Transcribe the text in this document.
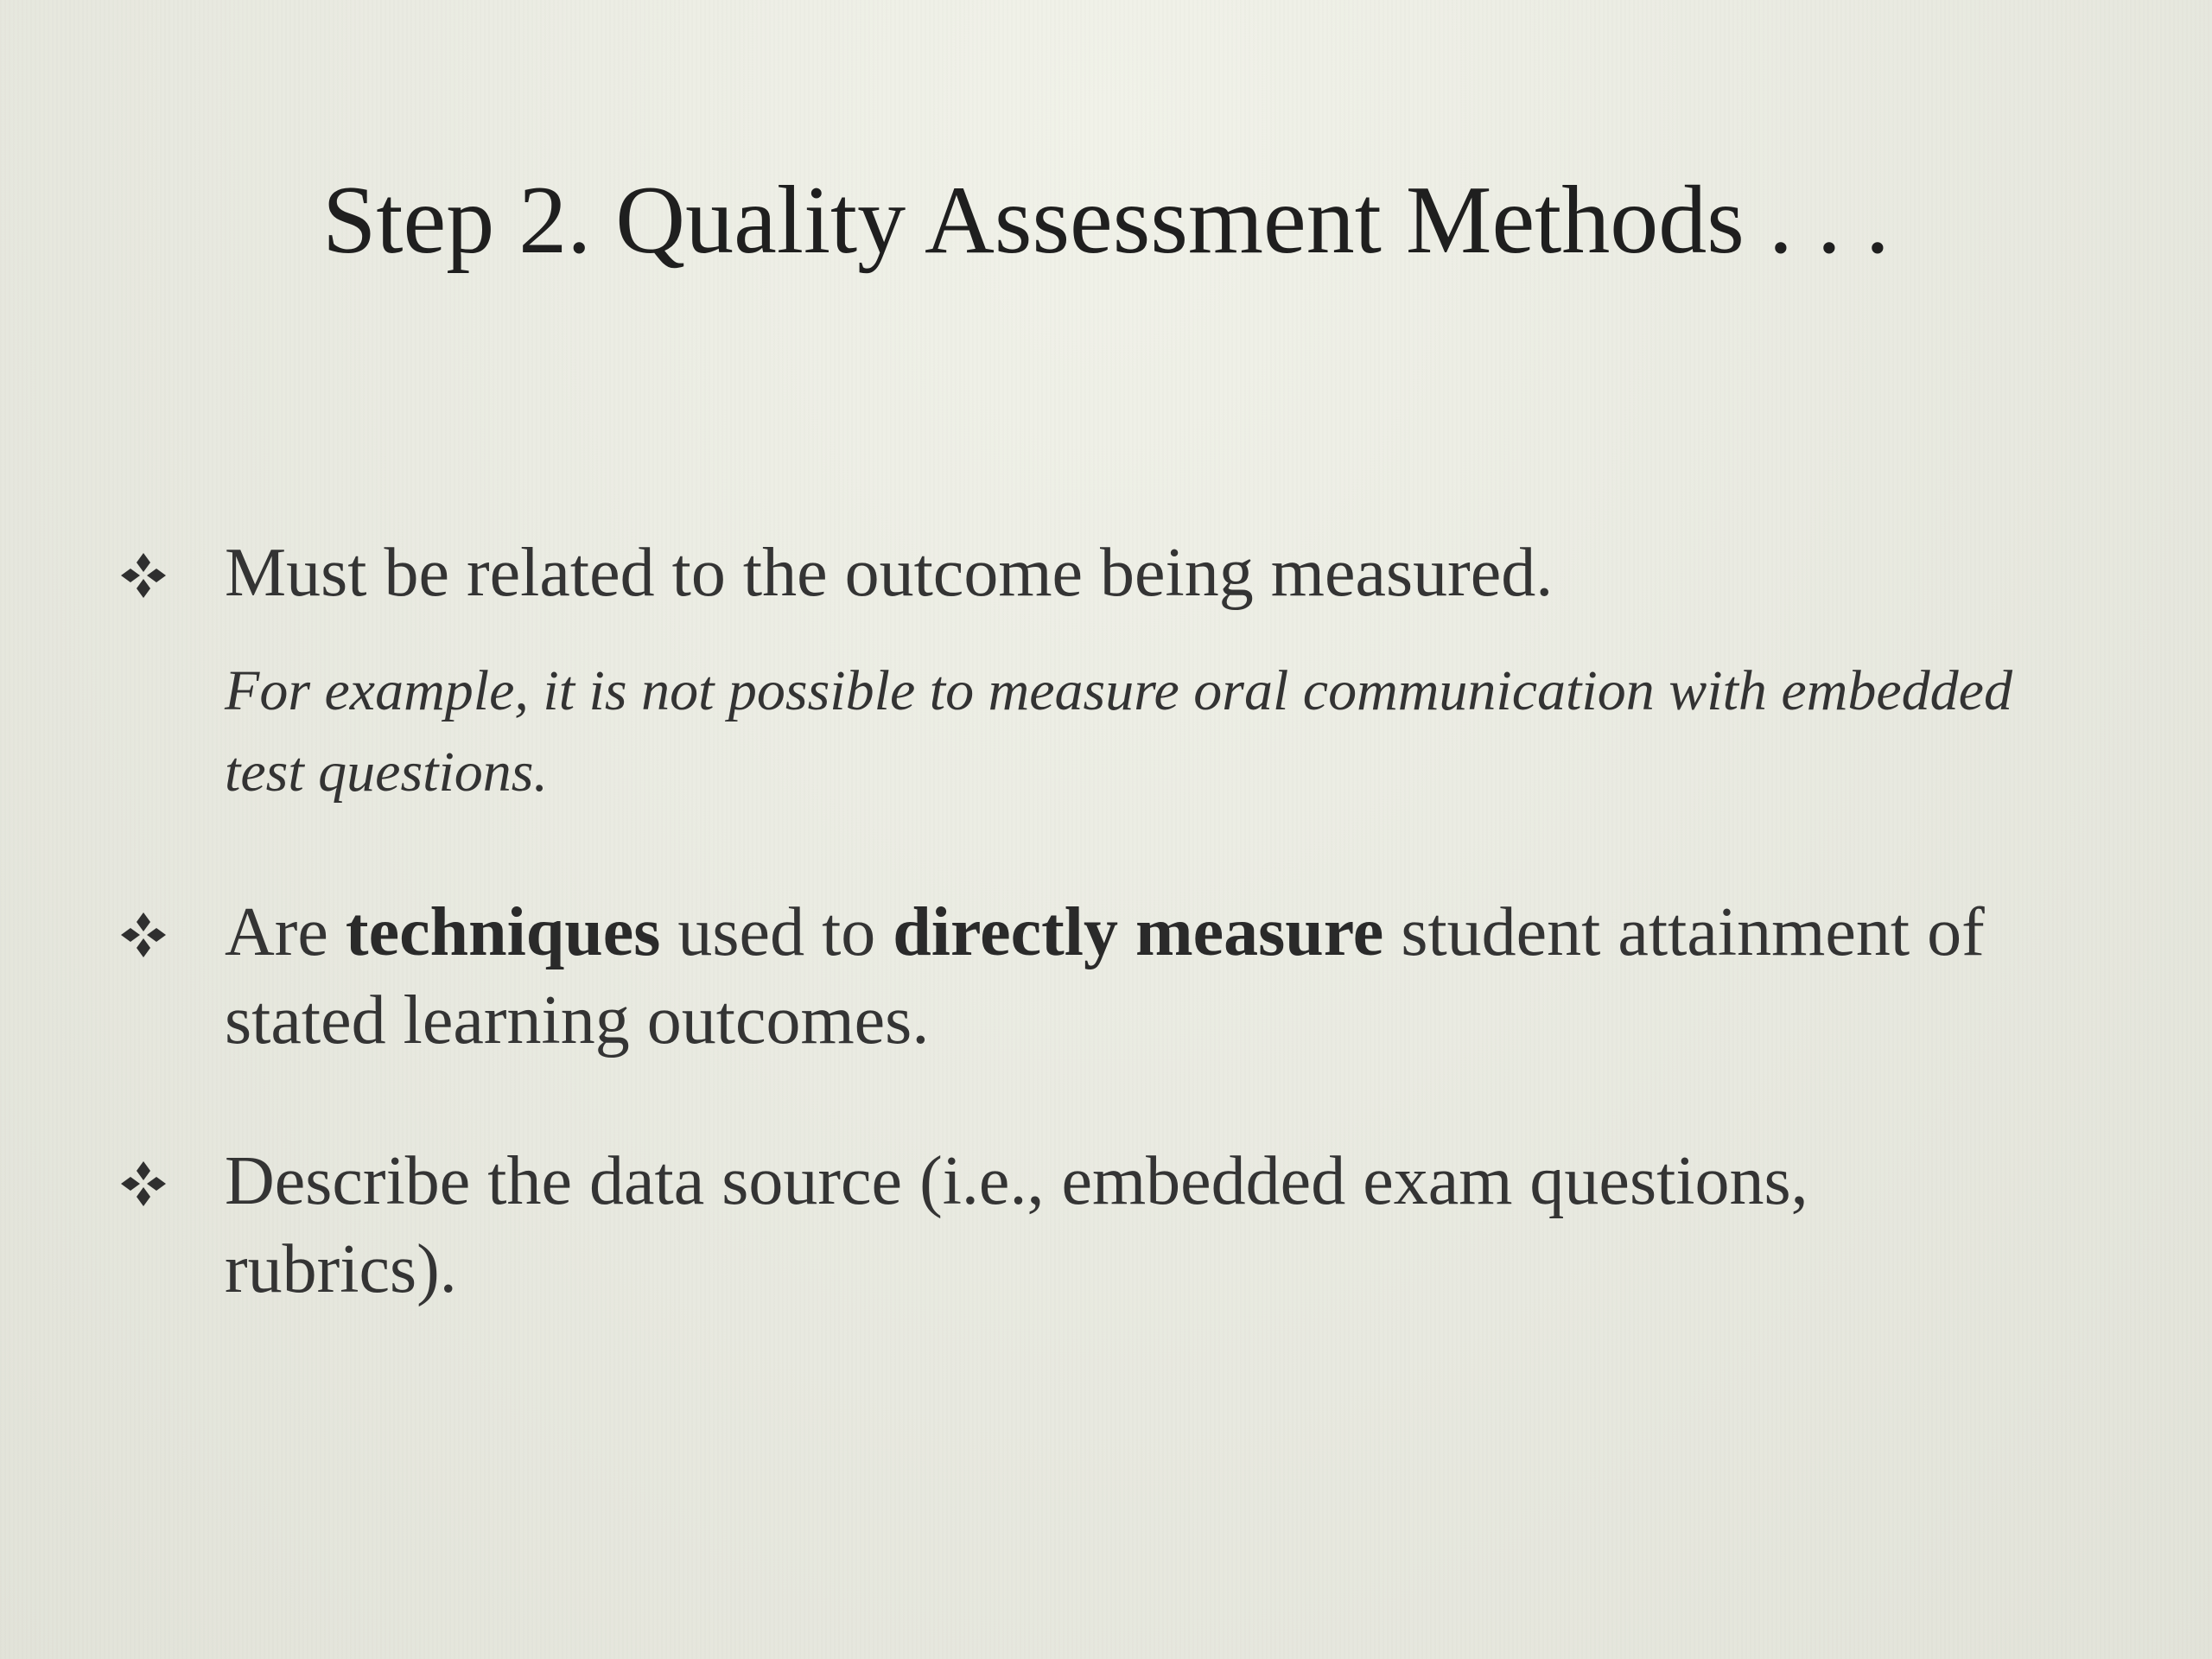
Step 2. Quality Assessment Methods . . .
Must be related to the outcome being measured.
For example, it is not possible to measure oral communication with embedded test questions.
Are techniques used to directly measure student attainment of stated learning outcomes.
Describe the data source (i.e., embedded exam questions, rubrics).
